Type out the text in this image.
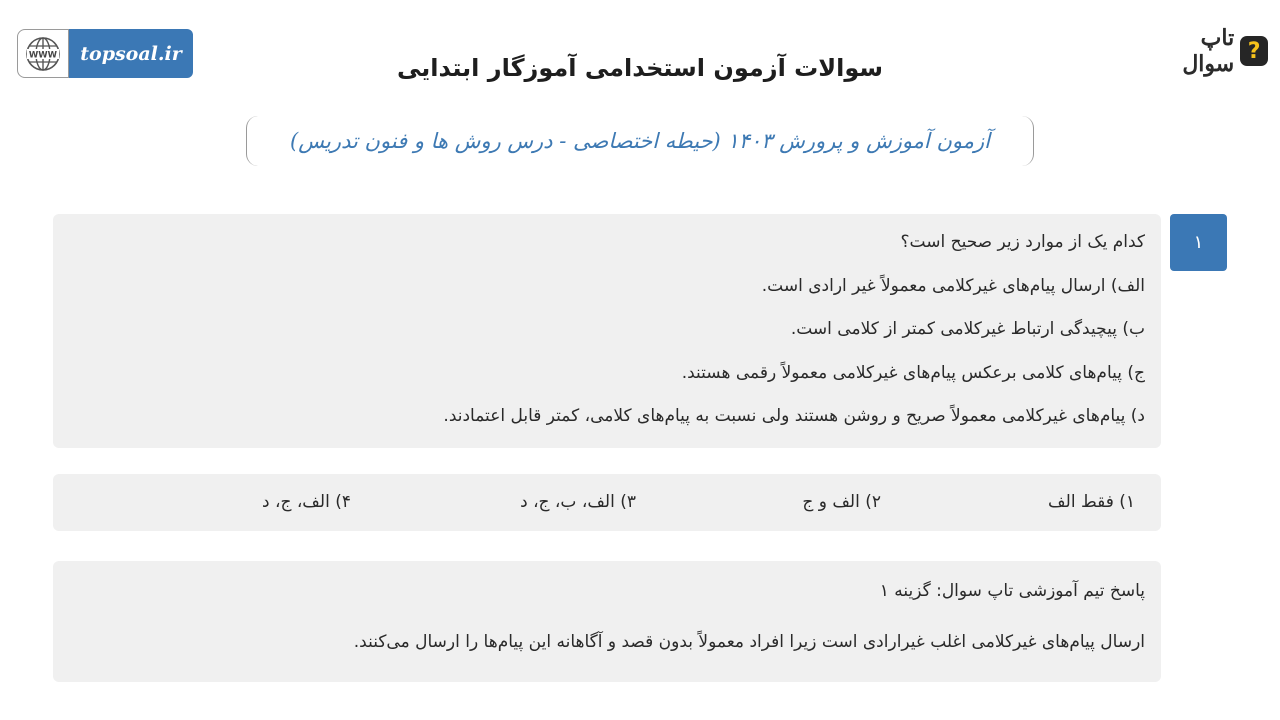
WWW	topsoal.ir
تاپ سوال ?
سوالات آزمون استخدامی آموزگار ابتدایی
آزمون آموزش و پرورش ۱۴۰۳ (حیطه اختصاصی - درس روش ها و فنون تدریس)
۱
کدام یک از موارد زیر صحیح است؟
الف) ارسال پیام‌های غیرکلامی معمولاً غیر ارادی است.
ب) پیچیدگی ارتباط غیرکلامی کمتر از کلامی است.
ج) پیام‌های کلامی برعکس پیام‌های غیرکلامی معمولاً رقمی هستند.
د) پیام‌های غیرکلامی معمولاً صریح و روشن هستند ولی نسبت به پیام‌های کلامی، کمتر قابل اعتمادند.
۱) فقط الف
۲) الف و ج
۳) الف، ب، ج، د
۴) الف، ج، د
پاسخ تیم آموزشی تاپ سوال: گزینه ۱
ارسال پیام‌های غیرکلامی اغلب غیرارادی است زیرا افراد معمولاً بدون قصد و آگاهانه این پیام‌ها را ارسال می‌کنند.
